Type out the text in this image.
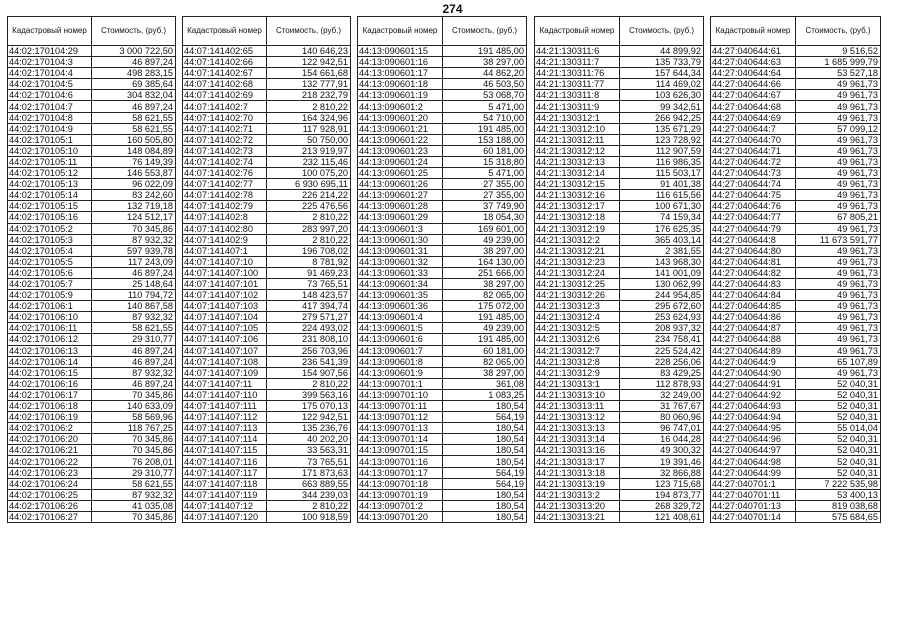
274
Кадастровый номер	Стоимость, (руб.)
44:02:170104:29	3 000 722,50
44:02:170104:3	46 897,24
44:02:170104:4	498 283,15
44:02:170104:5	69 385,64
44:02:170104:6	304 832,04
44:02:170104:7	46 897,24
44:02:170104:8	58 621,55
44:02:170104:9	58 621,55
44:02:170105:1	160 505,80
44:02:170105:10	148 084,89
44:02:170105:11	76 149,39
44:02:170105:12	146 553,87
44:02:170105:13	96 022,09
44:02:170105:14	83 242,60
44:02:170105:15	132 719,18
44:02:170105:16	124 512,17
44:02:170105:2	70 345,86
44:02:170105:3	87 932,32
44:02:170105:4	597 939,78
44:02:170105:5	117 243,09
44:02:170105:6	46 897,24
44:02:170105:7	25 148,64
44:02:170105:9	110 794,72
44:02:170106:1	140 867,58
44:02:170106:10	87 932,32
44:02:170106:11	58 621,55
44:02:170106:12	29 310,77
44:02:170106:13	46 897,24
44:02:170106:14	46 897,24
44:02:170106:15	87 932,32
44:02:170106:16	46 897,24
44:02:170106:17	70 345,86
44:02:170106:18	140 633,09
44:02:170106:19	58 569,96
44:02:170106:2	118 767,25
44:02:170106:20	70 345,86
44:02:170106:21	70 345,86
44:02:170106:22	76 208,01
44:02:170106:23	29 310,77
44:02:170106:24	58 621,55
44:02:170106:25	87 932,32
44:02:170106:26	41 035,08
44:02:170106:27	70 345,86
Кадастровый номер	Стоимость, (руб.)
44:07:141402:65	140 646,23
44:07:141402:66	122 942,51
44:07:141402:67	154 661,68
44:07:141402:68	132 777,91
44:07:141402:69	218 232,79
44:07:141402:7	2 810,22
44:07:141402:70	164 324,96
44:07:141402:71	117 928,91
44:07:141402:72	50 750,00
44:07:141402:73	213 919,97
44:07:141402:74	232 115,46
44:07:141402:76	100 075,20
44:07:141402:77	6 930 695,11
44:07:141402:78	226 214,22
44:07:141402:79	225 476,56
44:07:141402:8	2 810,22
44:07:141402:80	283 997,20
44:07:141402:9	2 810,22
44:07:141407:1	196 708,02
44:07:141407:10	8 781,92
44:07:141407:100	91 469,23
44:07:141407:101	73 765,51
44:07:141407:102	148 423,57
44:07:141407:103	417 394,74
44:07:141407:104	279 571,27
44:07:141407:105	224 493,02
44:07:141407:106	231 808,10
44:07:141407:107	256 703,96
44:07:141407:108	236 541,39
44:07:141407:109	154 907,56
44:07:141407:11	2 810,22
44:07:141407:110	399 563,16
44:07:141407:111	175 070,13
44:07:141407:112	122 942,51
44:07:141407:113	135 236,76
44:07:141407:114	40 202,20
44:07:141407:115	33 563,31
44:07:141407:116	73 765,51
44:07:141407:117	171 873,63
44:07:141407:118	663 889,55
44:07:141407:119	344 239,03
44:07:141407:12	2 810,22
44:07:141407:120	100 918,59
Кадастровый номер	Стоимость, (руб.)
44:13:090601:15	191 485,00
44:13:090601:16	38 297,00
44:13:090601:17	44 862,20
44:13:090601:18	46 503,50
44:13:090601:19	53 068,70
44:13:090601:2	5 471,00
44:13:090601:20	54 710,00
44:13:090601:21	191 485,00
44:13:090601:22	153 188,00
44:13:090601:23	60 181,00
44:13:090601:24	15 318,80
44:13:090601:25	5 471,00
44:13:090601:26	27 355,00
44:13:090601:27	27 355,00
44:13:090601:28	37 749,90
44:13:090601:29	18 054,30
44:13:090601:3	169 601,00
44:13:090601:30	49 239,00
44:13:090601:31	38 297,00
44:13:090601:32	164 130,00
44:13:090601:33	251 666,00
44:13:090601:34	38 297,00
44:13:090601:35	82 065,00
44:13:090601:36	175 072,00
44:13:090601:4	191 485,00
44:13:090601:5	49 239,00
44:13:090601:6	191 485,00
44:13:090601:7	60 181,00
44:13:090601:8	82 065,00
44:13:090601:9	38 297,00
44:13:090701:1	361,08
44:13:090701:10	1 083,25
44:13:090701:11	180,54
44:13:090701:12	564,19
44:13:090701:13	180,54
44:13:090701:14	180,54
44:13:090701:15	180,54
44:13:090701:16	180,54
44:13:090701:17	564,19
44:13:090701:18	564,19
44:13:090701:19	180,54
44:13:090701:2	180,54
44:13:090701:20	180,54
Кадастровый номер	Стоимость, (руб.)
44:21:130311:6	44 899,92
44:21:130311:7	135 733,79
44:21:130311:76	157 644,34
44:21:130311:77	114 469,02
44:21:130311:8	103 626,30
44:21:130311:9	99 342,51
44:21:130312:1	266 942,25
44:21:130312:10	135 671,29
44:21:130312:11	123 728,92
44:21:130312:12	112 907,59
44:21:130312:13	116 986,35
44:21:130312:14	115 503,17
44:21:130312:15	91 401,38
44:21:130312:16	116 615,56
44:21:130312:17	100 671,30
44:21:130312:18	74 159,34
44:21:130312:19	176 625,35
44:21:130312:2	365 403,14
44:21:130312:21	2 381,55
44:21:130312:23	143 968,30
44:21:130312:24	141 001,09
44:21:130312:25	130 062,99
44:21:130312:26	244 954,85
44:21:130312:3	295 672,60
44:21:130312:4	253 624,93
44:21:130312:5	208 937,32
44:21:130312:6	234 758,41
44:21:130312:7	225 524,42
44:21:130312:8	228 256,06
44:21:130312:9	83 429,25
44:21:130313:1	112 878,93
44:21:130313:10	32 249,00
44:21:130313:11	31 767,67
44:21:130313:12	80 060,96
44:21:130313:13	96 747,01
44:21:130313:14	16 044,28
44:21:130313:16	49 300,32
44:21:130313:17	19 391,46
44:21:130313:18	32 866,88
44:21:130313:19	123 715,68
44:21:130313:2	194 873,77
44:21:130313:20	268 329,72
44:21:130313:21	121 408,61
Кадастровый номер	Стоимость, (руб.)
44:27:040644:61	9 516,52
44:27:040644:63	1 685 999,79
44:27:040644:64	53 527,18
44:27:040644:66	49 961,73
44:27:040644:67	49 961,73
44:27:040644:68	49 961,73
44:27:040644:69	49 961,73
44:27:040644:7	57 099,12
44:27:040644:70	49 961,73
44:27:040644:71	49 961,73
44:27:040644:72	49 961,73
44:27:040644:73	49 961,73
44:27:040644:74	49 961,73
44:27:040644:75	49 961,73
44:27:040644:76	49 961,73
44:27:040644:77	67 805,21
44:27:040644:79	49 961,73
44:27:040644:8	11 673 591,77
44:27:040644:80	49 961,73
44:27:040644:81	49 961,73
44:27:040644:82	49 961,73
44:27:040644:83	49 961,73
44:27:040644:84	49 961,73
44:27:040644:85	49 961,73
44:27:040644:86	49 961,73
44:27:040644:87	49 961,73
44:27:040644:88	49 961,73
44:27:040644:89	49 961,73
44:27:040644:9	65 107,89
44:27:040644:90	49 961,73
44:27:040644:91	52 040,31
44:27:040644:92	52 040,31
44:27:040644:93	52 040,31
44:27:040644:94	52 040,31
44:27:040644:95	55 014,04
44:27:040644:96	52 040,31
44:27:040644:97	52 040,31
44:27:040644:98	52 040,31
44:27:040644:99	52 040,31
44:27:040701:1	7 222 535,98
44:27:040701:11	53 400,13
44:27:040701:13	819 038,68
44:27:040701:14	575 684,65
